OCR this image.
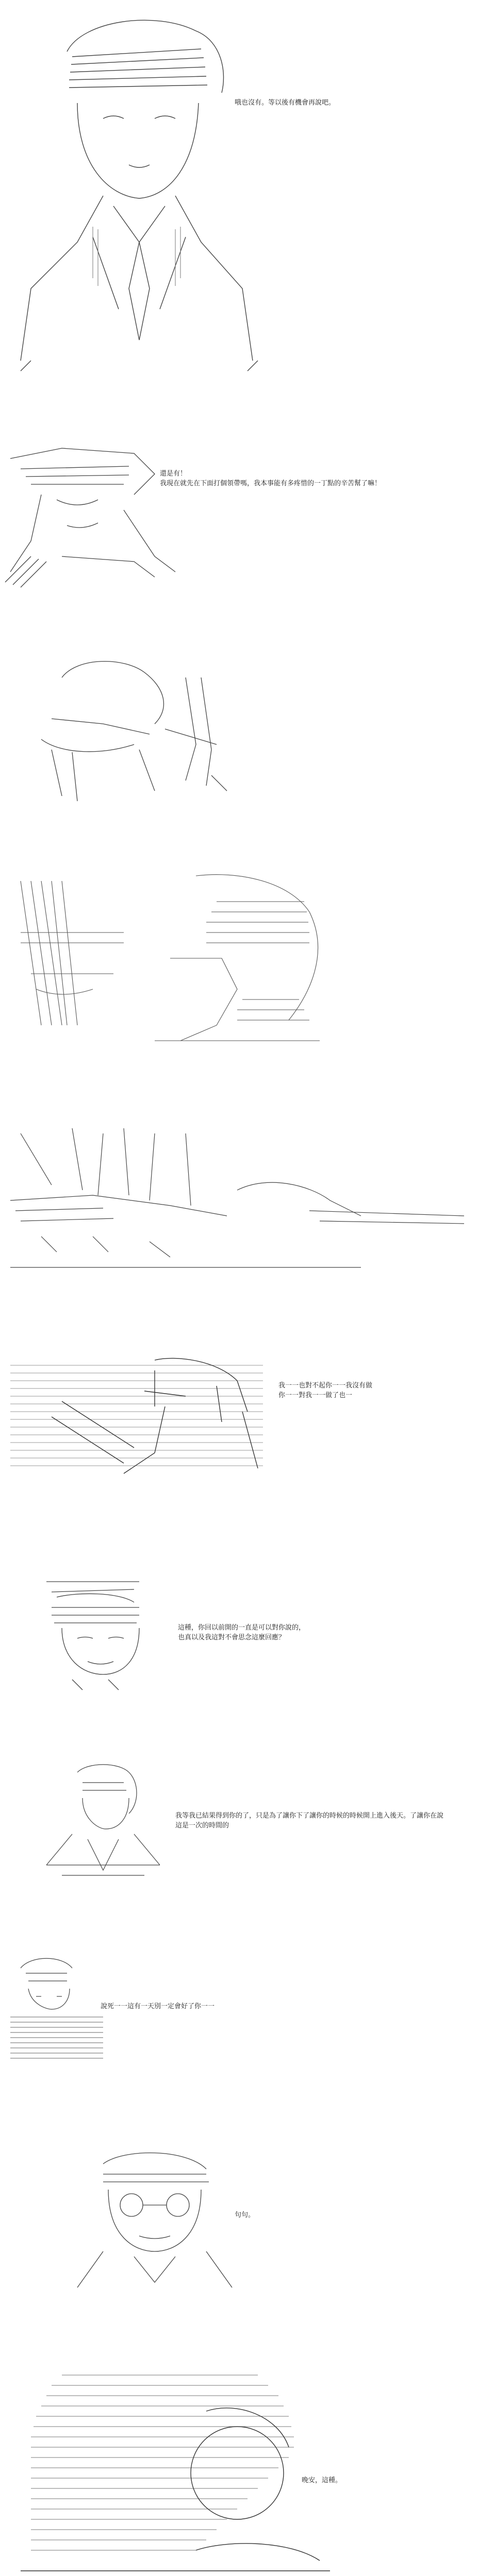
哦也沒有。等以後有機會再說吧。
還是有！
我現在就先在下面打個領帶嗎，我本事能有多疼惜的一丁點的辛苦幫了嘛！
我一一也對不起你一一我沒有做
你一一對我一一做了也一
這種，你回以前開的一直是可以對你說的，
也真以及我這對不會思念這麼回應？
我等我已結果得到你的了，只是為了讓你下了讓你的時候的時候開上進入後天。了讓你在說
這是一次的時間的
說死一一這有一天別一定會好了你一一
句句。
晚安，這種。
